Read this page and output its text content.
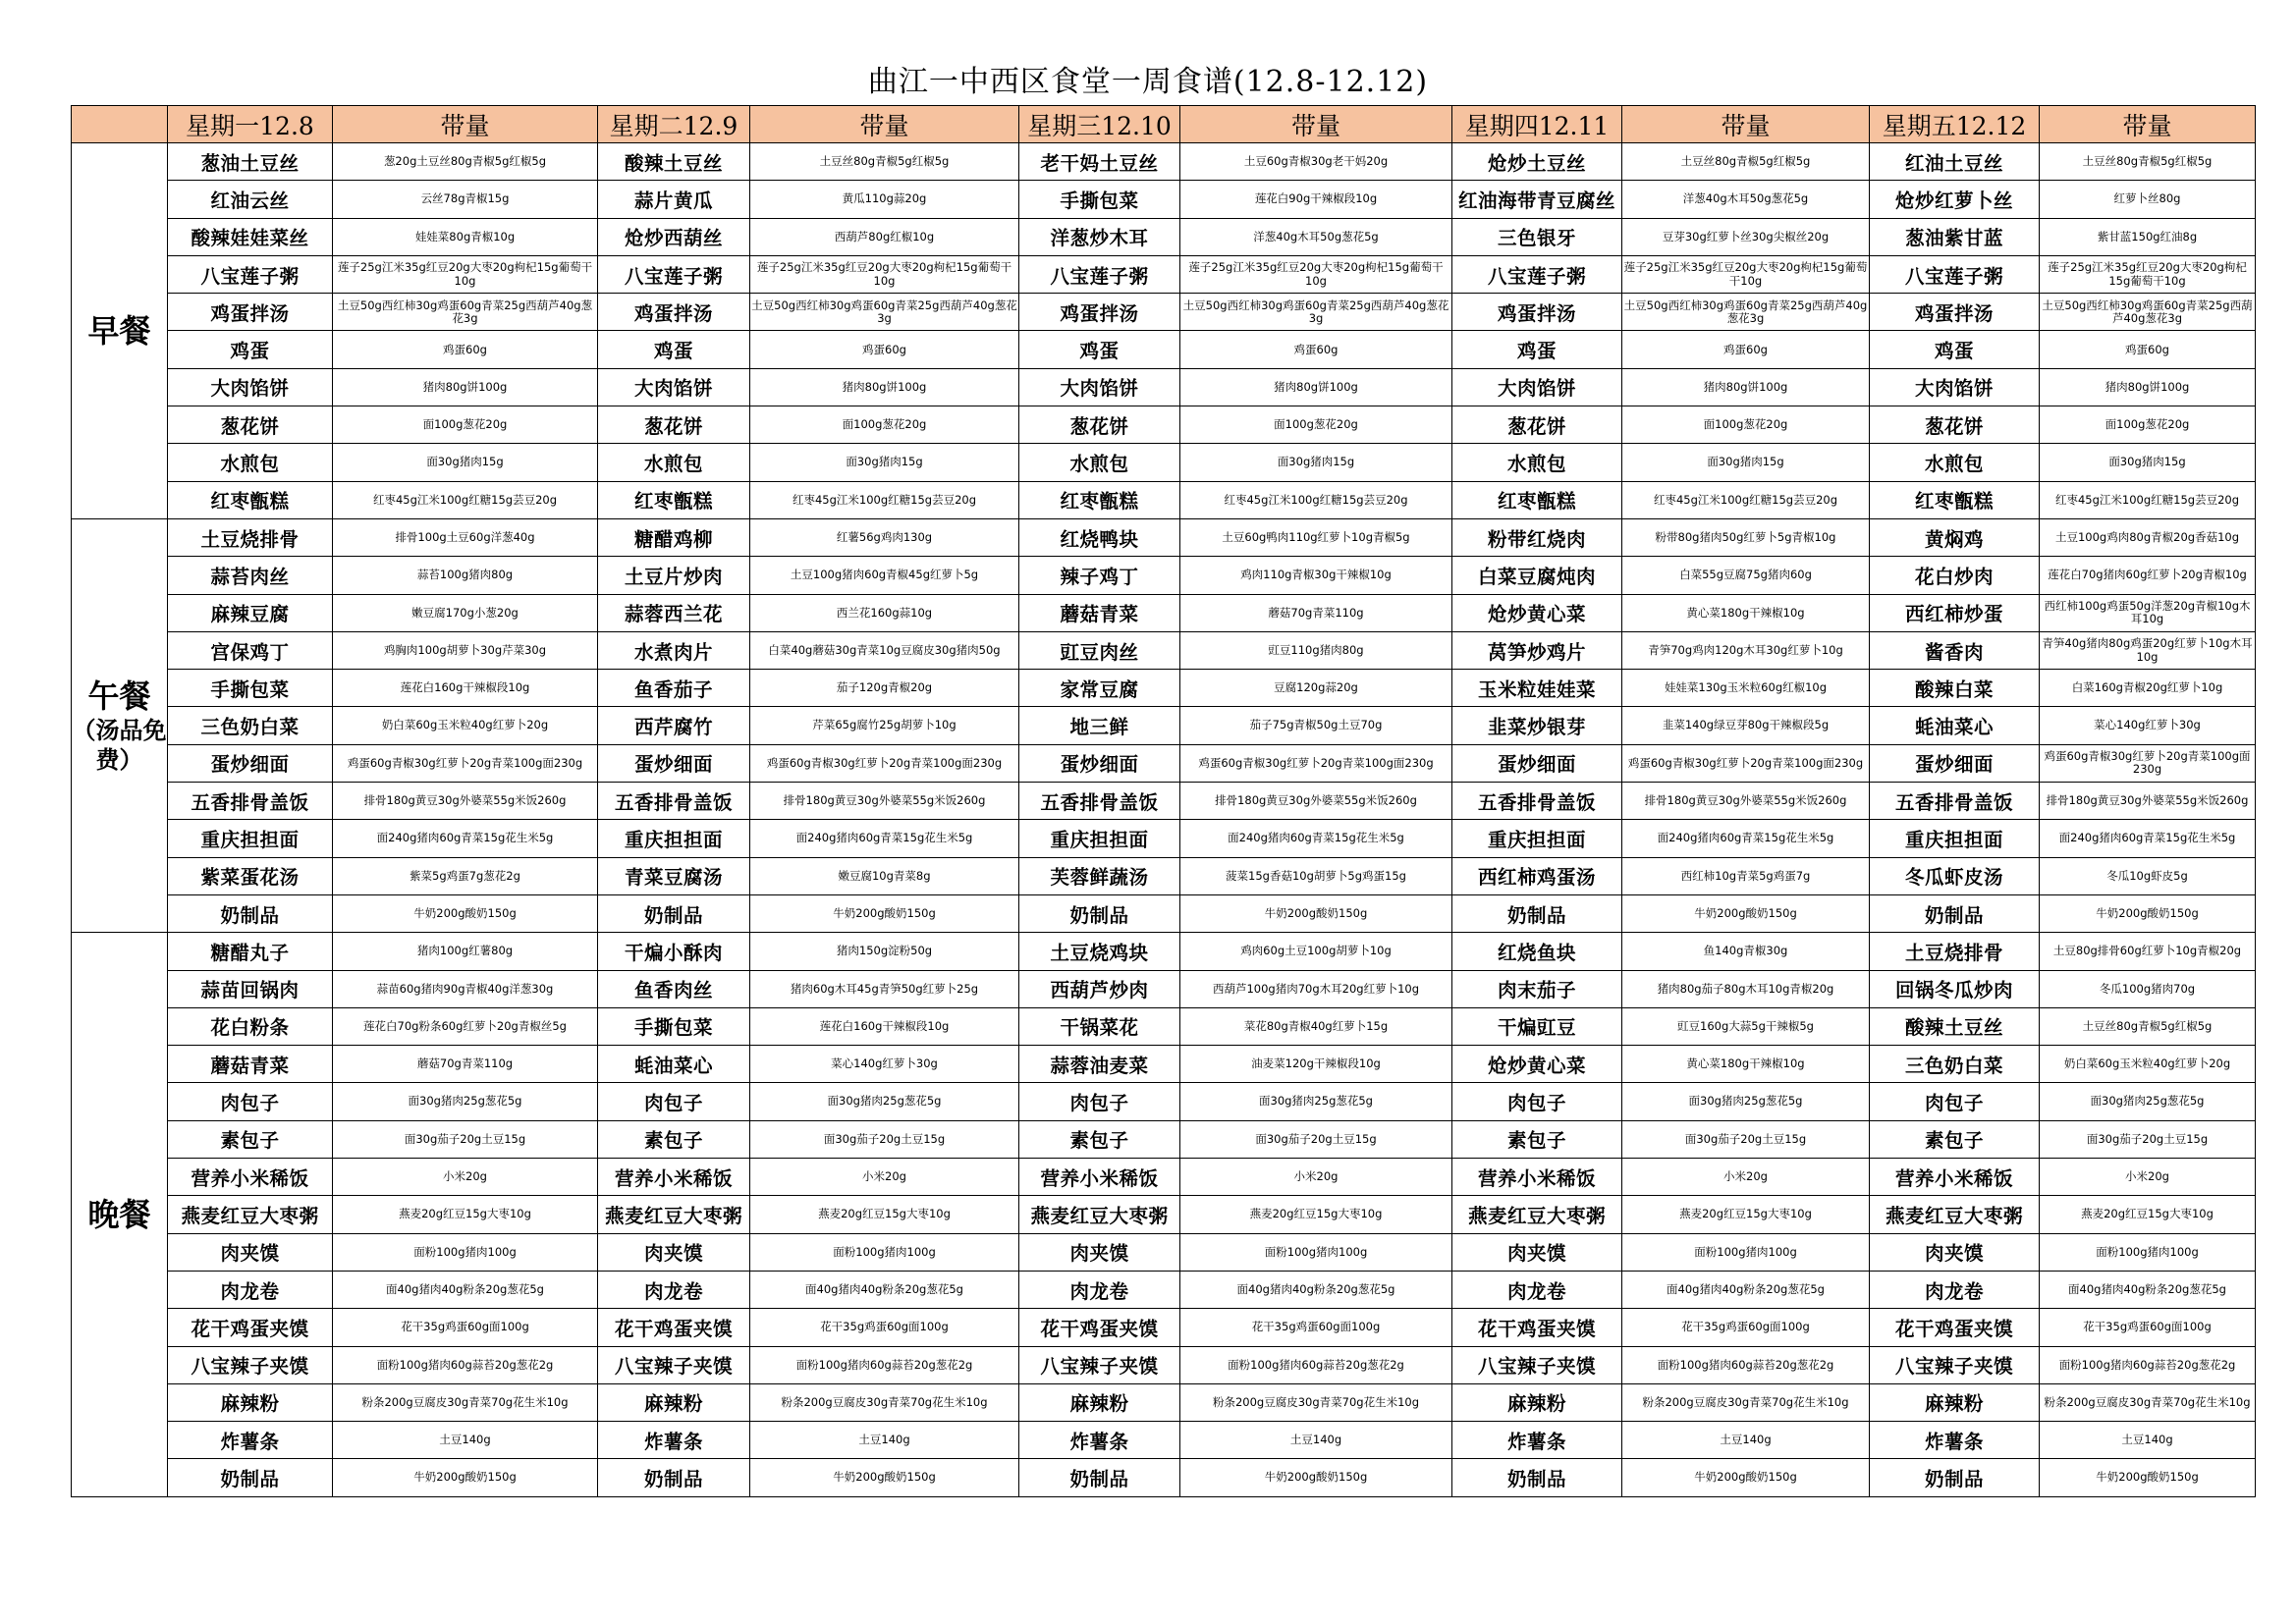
曲江一中西区食堂一周食谱(12.8-12.12)
	星期一12.8	带量	星期二12.9	带量	星期三12.10	带量	星期四12.11	带量	星期五12.12	带量
早餐	葱油土豆丝	葱20g土豆丝80g青椒5g红椒5g	酸辣土豆丝	土豆丝80g青椒5g红椒5g	老干妈土豆丝	土豆60g青椒30g老干妈20g	炝炒土豆丝	土豆丝80g青椒5g红椒5g	红油土豆丝	土豆丝80g青椒5g红椒5g
	红油云丝	云丝78g青椒15g	蒜片黄瓜	黄瓜110g蒜20g	手撕包菜	莲花白90g干辣椒段10g	红油海带青豆腐丝	洋葱40g木耳50g葱花5g	炝炒红萝卜丝	红萝卜丝80g
	酸辣娃娃菜丝	娃娃菜80g青椒10g	炝炒西葫丝	西葫芦80g红椒10g	洋葱炒木耳	洋葱40g木耳50g葱花5g	三色银牙	豆芽30g红萝卜丝30g尖椒丝20g	葱油紫甘蓝	紫甘蓝150g红油8g
	八宝莲子粥	莲子25g江米35g红豆20g大枣20g枸杞15g葡萄干10g	八宝莲子粥	莲子25g江米35g红豆20g大枣20g枸杞15g葡萄干10g	八宝莲子粥	莲子25g江米35g红豆20g大枣20g枸杞15g葡萄干10g	八宝莲子粥	莲子25g江米35g红豆20g大枣20g枸杞15g葡萄干10g	八宝莲子粥	莲子25g江米35g红豆20g大枣20g枸杞15g葡萄干10g
	鸡蛋拌汤	土豆50g西红柿30g鸡蛋60g青菜25g西葫芦40g葱花3g	鸡蛋拌汤	土豆50g西红柿30g鸡蛋60g青菜25g西葫芦40g葱花3g	鸡蛋拌汤	土豆50g西红柿30g鸡蛋60g青菜25g西葫芦40g葱花3g	鸡蛋拌汤	土豆50g西红柿30g鸡蛋60g青菜25g西葫芦40g葱花3g	鸡蛋拌汤	土豆50g西红柿30g鸡蛋60g青菜25g西葫芦40g葱花3g
	鸡蛋	鸡蛋60g	鸡蛋	鸡蛋60g	鸡蛋	鸡蛋60g	鸡蛋	鸡蛋60g	鸡蛋	鸡蛋60g
	大肉馅饼	猪肉80g饼100g	大肉馅饼	猪肉80g饼100g	大肉馅饼	猪肉80g饼100g	大肉馅饼	猪肉80g饼100g	大肉馅饼	猪肉80g饼100g
	葱花饼	面100g葱花20g	葱花饼	面100g葱花20g	葱花饼	面100g葱花20g	葱花饼	面100g葱花20g	葱花饼	面100g葱花20g
	水煎包	面30g猪肉15g	水煎包	面30g猪肉15g	水煎包	面30g猪肉15g	水煎包	面30g猪肉15g	水煎包	面30g猪肉15g
	红枣甑糕	红枣45g江米100g红糖15g芸豆20g	红枣甑糕	红枣45g江米100g红糖15g芸豆20g	红枣甑糕	红枣45g江米100g红糖15g芸豆20g	红枣甑糕	红枣45g江米100g红糖15g芸豆20g	红枣甑糕	红枣45g江米100g红糖15g芸豆20g
午餐
（汤品免费）	土豆烧排骨	排骨100g土豆60g洋葱40g	糖醋鸡柳	红薯56g鸡肉130g	红烧鸭块	土豆60g鸭肉110g红萝卜10g青椒5g	粉带红烧肉	粉带80g猪肉50g红萝卜5g青椒10g	黄焖鸡	土豆100g鸡肉80g青椒20g香菇10g
	蒜苔肉丝	蒜苔100g猪肉80g	土豆片炒肉	土豆100g猪肉60g青椒45g红萝卜5g	辣子鸡丁	鸡肉110g青椒30g干辣椒10g	白菜豆腐炖肉	白菜55g豆腐75g猪肉60g	花白炒肉	莲花白70g猪肉60g红萝卜20g青椒10g
	麻辣豆腐	嫩豆腐170g小葱20g	蒜蓉西兰花	西兰花160g蒜10g	蘑菇青菜	蘑菇70g青菜110g	炝炒黄心菜	黄心菜180g干辣椒10g	西红柿炒蛋	西红柿100g鸡蛋50g洋葱20g青椒10g木耳10g
	宫保鸡丁	鸡胸肉100g胡萝卜30g芹菜30g	水煮肉片	白菜40g蘑菇30g青菜10g豆腐皮30g猪肉50g	豇豆肉丝	豇豆110g猪肉80g	莴笋炒鸡片	青笋70g鸡肉120g木耳30g红萝卜10g	酱香肉	青笋40g猪肉80g鸡蛋20g红萝卜10g木耳10g
	手撕包菜	莲花白160g干辣椒段10g	鱼香茄子	茄子120g青椒20g	家常豆腐	豆腐120g蒜20g	玉米粒娃娃菜	娃娃菜130g玉米粒60g红椒10g	酸辣白菜	白菜160g青椒20g红萝卜10g
	三色奶白菜	奶白菜60g玉米粒40g红萝卜20g	西芹腐竹	芹菜65g腐竹25g胡萝卜10g	地三鲜	茄子75g青椒50g土豆70g	韭菜炒银芽	韭菜140g绿豆芽80g干辣椒段5g	蚝油菜心	菜心140g红萝卜30g
	蛋炒细面	鸡蛋60g青椒30g红萝卜20g青菜100g面230g	蛋炒细面	鸡蛋60g青椒30g红萝卜20g青菜100g面230g	蛋炒细面	鸡蛋60g青椒30g红萝卜20g青菜100g面230g	蛋炒细面	鸡蛋60g青椒30g红萝卜20g青菜100g面230g	蛋炒细面	鸡蛋60g青椒30g红萝卜20g青菜100g面230g
	五香排骨盖饭	排骨180g黄豆30g外婆菜55g米饭260g	五香排骨盖饭	排骨180g黄豆30g外婆菜55g米饭260g	五香排骨盖饭	排骨180g黄豆30g外婆菜55g米饭260g	五香排骨盖饭	排骨180g黄豆30g外婆菜55g米饭260g	五香排骨盖饭	排骨180g黄豆30g外婆菜55g米饭260g
	重庆担担面	面240g猪肉60g青菜15g花生米5g	重庆担担面	面240g猪肉60g青菜15g花生米5g	重庆担担面	面240g猪肉60g青菜15g花生米5g	重庆担担面	面240g猪肉60g青菜15g花生米5g	重庆担担面	面240g猪肉60g青菜15g花生米5g
	紫菜蛋花汤	紫菜5g鸡蛋7g葱花2g	青菜豆腐汤	嫩豆腐10g青菜8g	芙蓉鲜蔬汤	菠菜15g香菇10g胡萝卜5g鸡蛋15g	西红柿鸡蛋汤	西红柿10g青菜5g鸡蛋7g	冬瓜虾皮汤	冬瓜10g虾皮5g
	奶制品	牛奶200g酸奶150g	奶制品	牛奶200g酸奶150g	奶制品	牛奶200g酸奶150g	奶制品	牛奶200g酸奶150g	奶制品	牛奶200g酸奶150g
晚餐	糖醋丸子	猪肉100g红薯80g	干煸小酥肉	猪肉150g淀粉50g	土豆烧鸡块	鸡肉60g土豆100g胡萝卜10g	红烧鱼块	鱼140g青椒30g	土豆烧排骨	土豆80g排骨60g红萝卜10g青椒20g
	蒜苗回锅肉	蒜苗60g猪肉90g青椒40g洋葱30g	鱼香肉丝	猪肉60g木耳45g青笋50g红萝卜25g	西葫芦炒肉	西葫芦100g猪肉70g木耳20g红萝卜10g	肉末茄子	猪肉80g茄子80g木耳10g青椒20g	回锅冬瓜炒肉	冬瓜100g猪肉70g
	花白粉条	莲花白70g粉条60g红萝卜20g青椒丝5g	手撕包菜	莲花白160g干辣椒段10g	干锅菜花	菜花80g青椒40g红萝卜15g	干煸豇豆	豇豆160g大蒜5g干辣椒5g	酸辣土豆丝	土豆丝80g青椒5g红椒5g
	蘑菇青菜	蘑菇70g青菜110g	蚝油菜心	菜心140g红萝卜30g	蒜蓉油麦菜	油麦菜120g干辣椒段10g	炝炒黄心菜	黄心菜180g干辣椒10g	三色奶白菜	奶白菜60g玉米粒40g红萝卜20g
	肉包子	面30g猪肉25g葱花5g	肉包子	面30g猪肉25g葱花5g	肉包子	面30g猪肉25g葱花5g	肉包子	面30g猪肉25g葱花5g	肉包子	面30g猪肉25g葱花5g
	素包子	面30g茄子20g土豆15g	素包子	面30g茄子20g土豆15g	素包子	面30g茄子20g土豆15g	素包子	面30g茄子20g土豆15g	素包子	面30g茄子20g土豆15g
	营养小米稀饭	小米20g	营养小米稀饭	小米20g	营养小米稀饭	小米20g	营养小米稀饭	小米20g	营养小米稀饭	小米20g
	燕麦红豆大枣粥	燕麦20g红豆15g大枣10g	燕麦红豆大枣粥	燕麦20g红豆15g大枣10g	燕麦红豆大枣粥	燕麦20g红豆15g大枣10g	燕麦红豆大枣粥	燕麦20g红豆15g大枣10g	燕麦红豆大枣粥	燕麦20g红豆15g大枣10g
	肉夹馍	面粉100g猪肉100g	肉夹馍	面粉100g猪肉100g	肉夹馍	面粉100g猪肉100g	肉夹馍	面粉100g猪肉100g	肉夹馍	面粉100g猪肉100g
	肉龙卷	面40g猪肉40g粉条20g葱花5g	肉龙卷	面40g猪肉40g粉条20g葱花5g	肉龙卷	面40g猪肉40g粉条20g葱花5g	肉龙卷	面40g猪肉40g粉条20g葱花5g	肉龙卷	面40g猪肉40g粉条20g葱花5g
	花干鸡蛋夹馍	花干35g鸡蛋60g面100g	花干鸡蛋夹馍	花干35g鸡蛋60g面100g	花干鸡蛋夹馍	花干35g鸡蛋60g面100g	花干鸡蛋夹馍	花干35g鸡蛋60g面100g	花干鸡蛋夹馍	花干35g鸡蛋60g面100g
	八宝辣子夹馍	面粉100g猪肉60g蒜苔20g葱花2g	八宝辣子夹馍	面粉100g猪肉60g蒜苔20g葱花2g	八宝辣子夹馍	面粉100g猪肉60g蒜苔20g葱花2g	八宝辣子夹馍	面粉100g猪肉60g蒜苔20g葱花2g	八宝辣子夹馍	面粉100g猪肉60g蒜苔20g葱花2g
	麻辣粉	粉条200g豆腐皮30g青菜70g花生米10g	麻辣粉	粉条200g豆腐皮30g青菜70g花生米10g	麻辣粉	粉条200g豆腐皮30g青菜70g花生米10g	麻辣粉	粉条200g豆腐皮30g青菜70g花生米10g	麻辣粉	粉条200g豆腐皮30g青菜70g花生米10g
	炸薯条	土豆140g	炸薯条	土豆140g	炸薯条	土豆140g	炸薯条	土豆140g	炸薯条	土豆140g
	奶制品	牛奶200g酸奶150g	奶制品	牛奶200g酸奶150g	奶制品	牛奶200g酸奶150g	奶制品	牛奶200g酸奶150g	奶制品	牛奶200g酸奶150g
